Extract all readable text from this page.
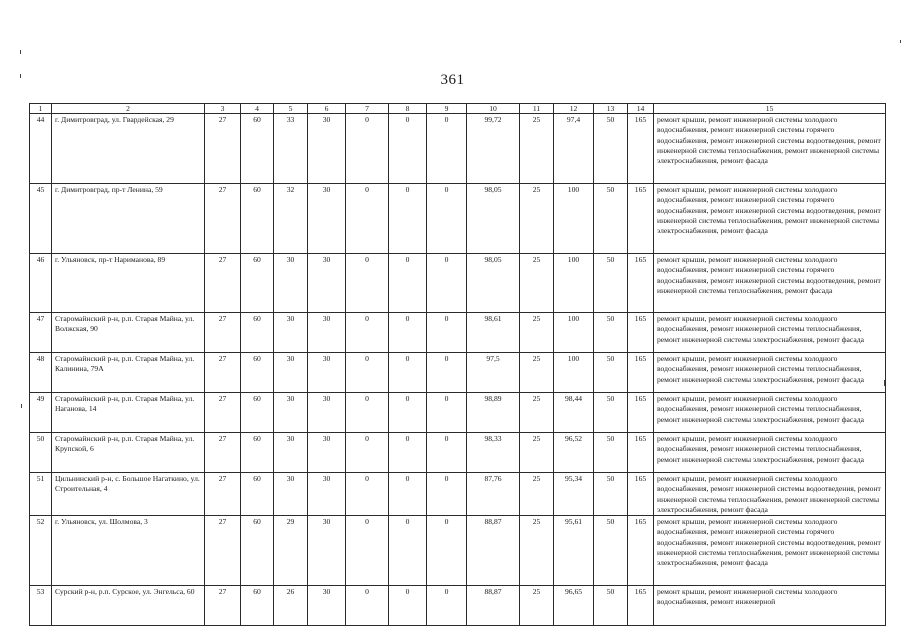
361
1	2	3	4	5	6	7	8	9	10	11	12	13	14	15
44	г. Димитровград, ул. Гвардейская, 29	27	60	33	30	0	0	0	99,72	25	97,4	50	165	ремонт крыши, ремонт инженерной системы холодного водоснабжения, ремонт инженерной системы горячего водоснабжения, ремонт инженерной системы водоотведения, ремонт инженерной системы теплоснабжения, ремонт инженерной системы электроснабжения, ремонт фасада
45	г. Димитровград, пр-т Ленина, 59	27	60	32	30	0	0	0	98,05	25	100	50	165	ремонт крыши, ремонт инженерной системы холодного водоснабжения, ремонт инженерной системы горячего водоснабжения, ремонт инженерной системы водоотведения, ремонт инженерной системы теплоснабжения, ремонт инженерной системы электроснабжения, ремонт фасада
46	г. Ульяновск, пр-т Нариманова, 89	27	60	30	30	0	0	0	98,05	25	100	50	165	ремонт крыши, ремонт инженерной системы холодного водоснабжения, ремонт инженерной системы горячего водоснабжения, ремонт инженерной системы водоотведения, ремонт инженерной системы теплоснабжения, ремонт фасада
47	Старомайнский р-н, р.п. Старая Майна, ул. Волжская, 90	27	60	30	30	0	0	0	98,61	25	100	50	165	ремонт крыши, ремонт инженерной системы холодного водоснабжения, ремонт инженерной системы теплоснабжения, ремонт инженерной системы электроснабжения, ремонт фасада
48	Старомайнский р-н, р.п. Старая Майна, ул. Калинина, 79А	27	60	30	30	0	0	0	97,5	25	100	50	165	ремонт крыши, ремонт инженерной системы холодного водоснабжения, ремонт инженерной системы теплоснабжения, ремонт инженерной системы электроснабжения, ремонт фасада
49	Старомайнский р-н, р.п. Старая Майна, ул. Наганова, 14	27	60	30	30	0	0	0	98,89	25	98,44	50	165	ремонт крыши, ремонт инженерной системы холодного водоснабжения, ремонт инженерной системы теплоснабжения, ремонт инженерной системы электроснабжения, ремонт фасада
50	Старомайнский р-н, р.п. Старая Майна, ул. Крупской, 6	27	60	30	30	0	0	0	98,33	25	96,52	50	165	ремонт крыши, ремонт инженерной системы холодного водоснабжения, ремонт инженерной системы теплоснабжения, ремонт инженерной системы электроснабжения, ремонт фасада
51	Цильнинский р-н, с. Большое Нагаткино, ул. Строительная, 4	27	60	30	30	0	0	0	87,76	25	95,34	50	165	ремонт крыши, ремонт инженерной системы холодного водоснабжения, ремонт инженерной системы водоотведения, ремонт инженерной системы теплоснабжения, ремонт инженерной системы электроснабжения, ремонт фасада
52	г. Ульяновск, ул. Шолмова, 3	27	60	29	30	0	0	0	88,87	25	95,61	50	165	ремонт крыши, ремонт инженерной системы холодного водоснабжения, ремонт инженерной системы горячего водоснабжения, ремонт инженерной системы водоотведения, ремонт инженерной системы теплоснабжения, ремонт инженерной системы электроснабжения, ремонт фасада
53	Сурский р-н, р.п. Сурское, ул. Энгельса, 60	27	60	26	30	0	0	0	88,87	25	96,65	50	165	ремонт крыши, ремонт инженерной системы холодного водоснабжения, ремонт инженерной
